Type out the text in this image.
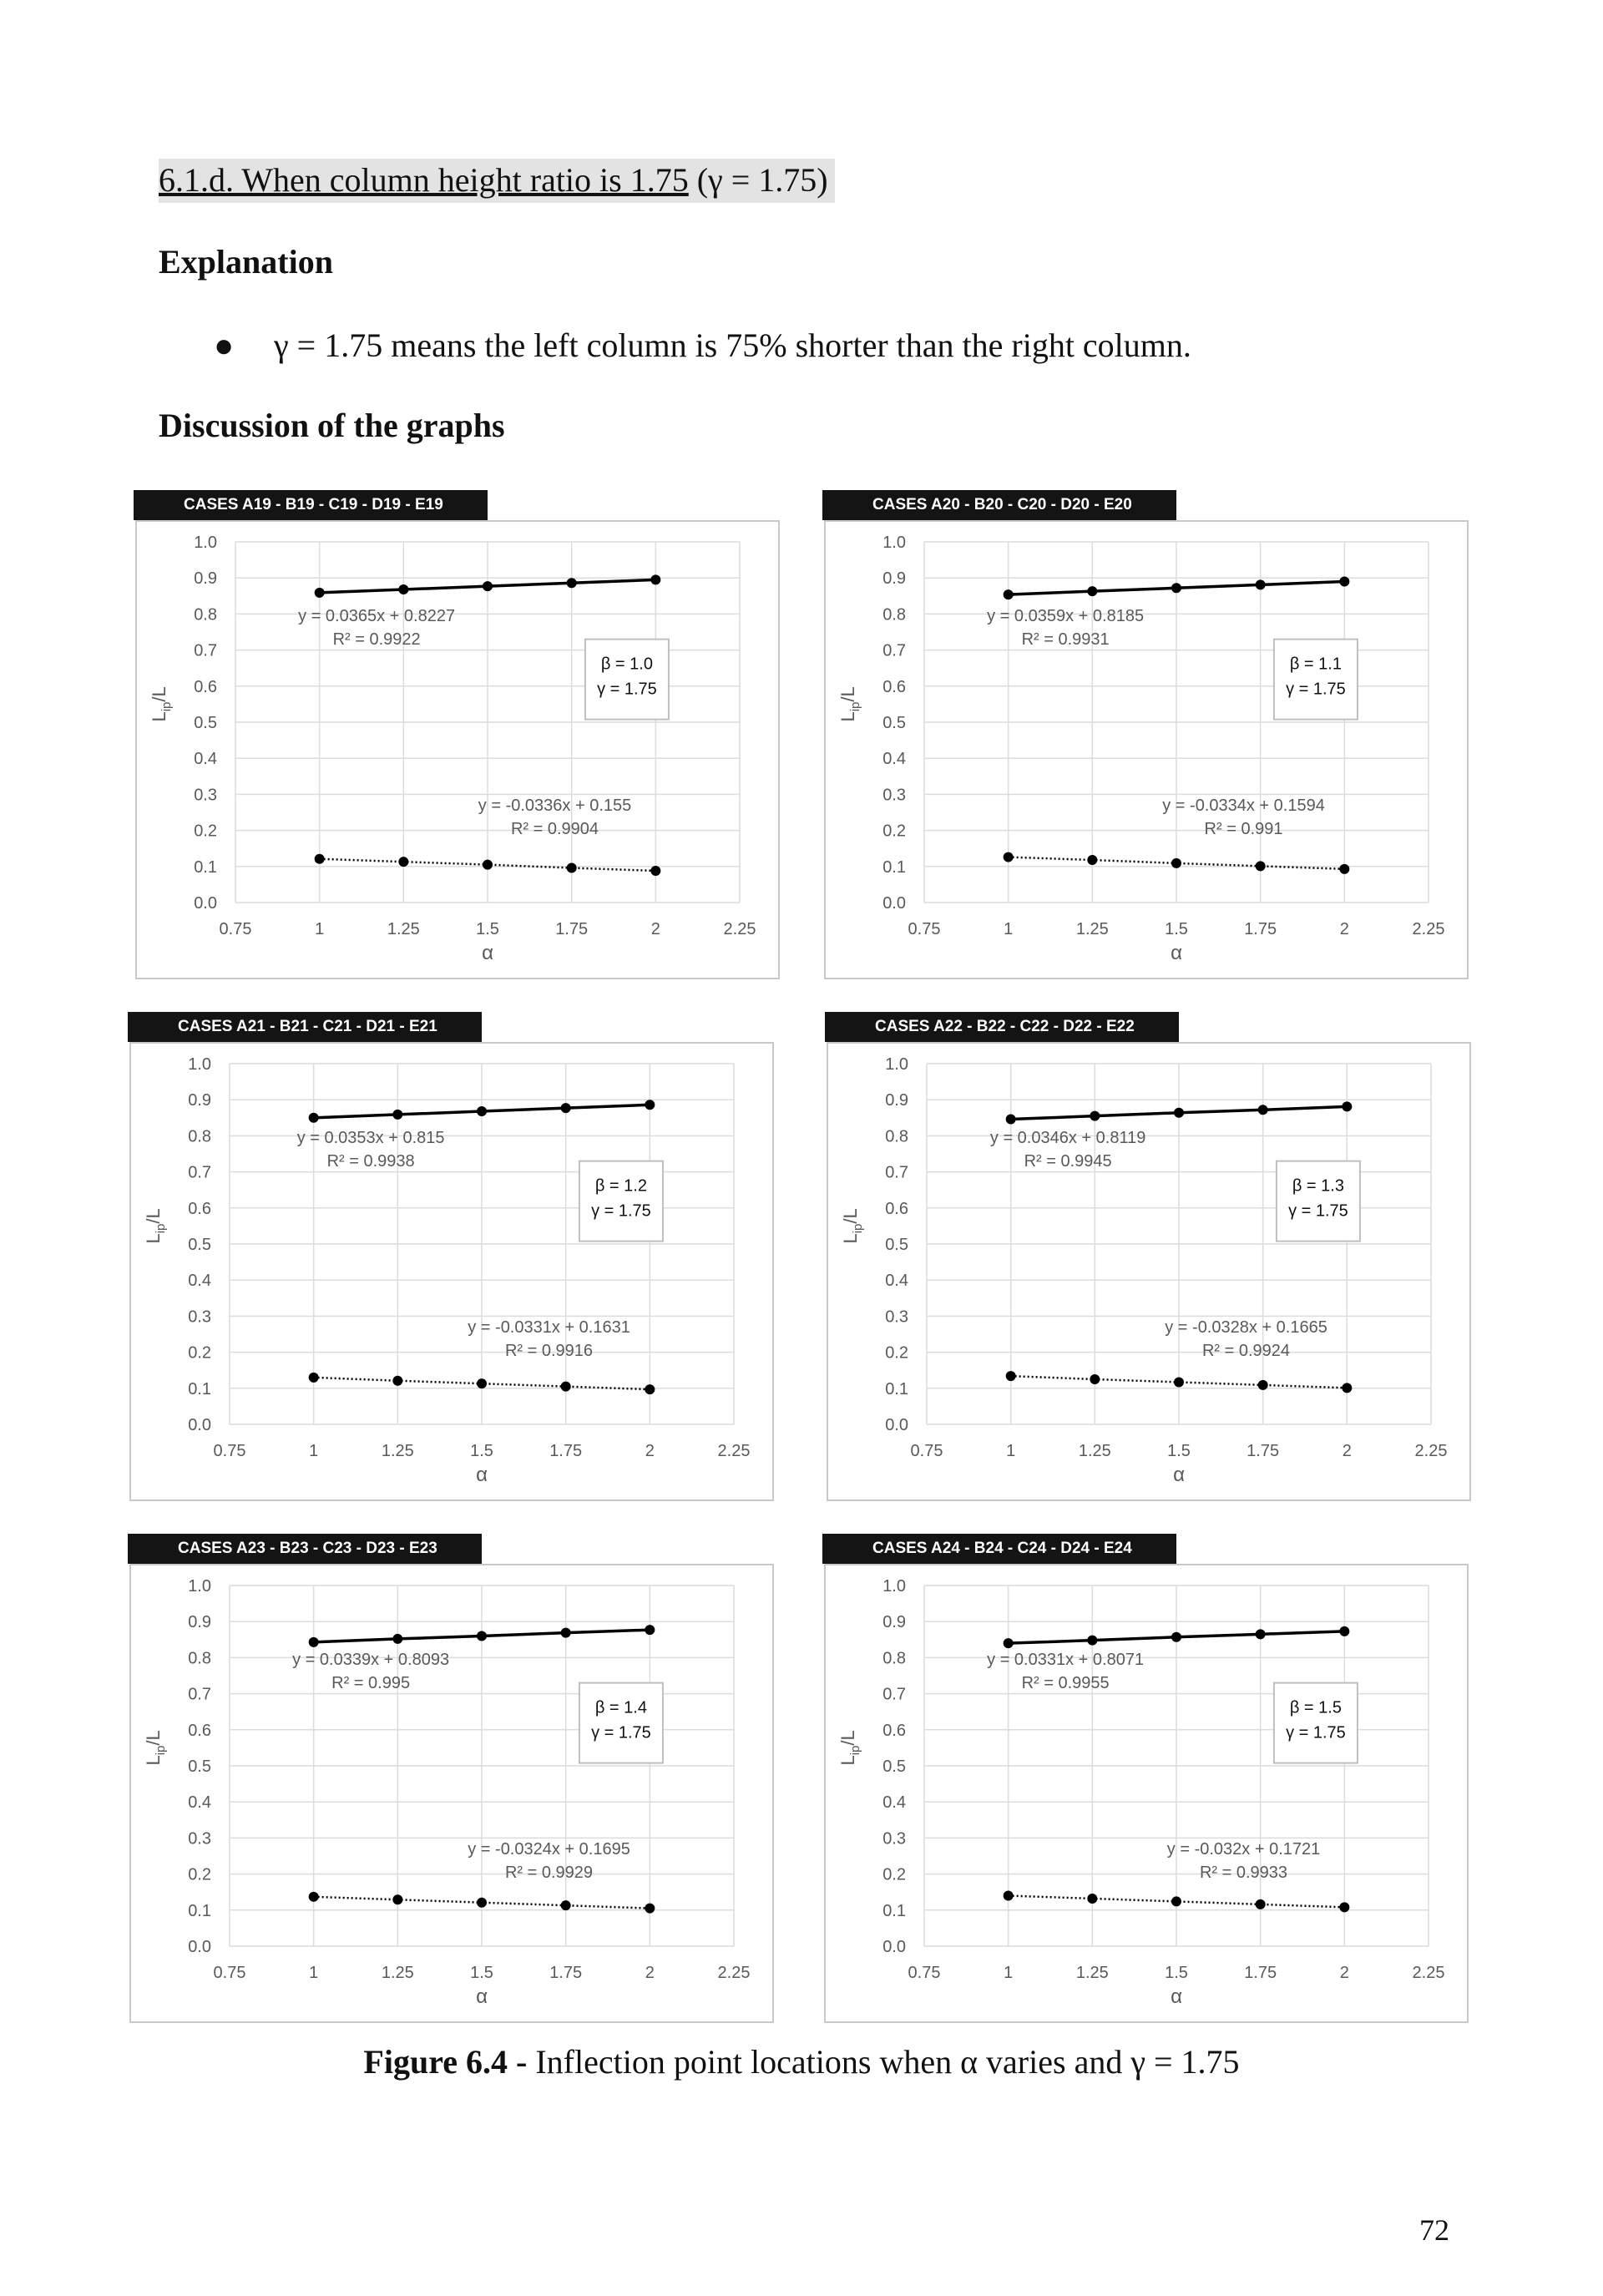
6.1.d. When column height ratio is 1.75 (γ = 1.75)
Explanation
● γ = 1.75 means the left column is 75% shorter than the right column.
Discussion of the graphs
CASES A19 - B19 - C19 - D19 - E19
0.0
0.1
0.2
0.3
0.4
0.5
0.6
0.7
0.8
0.9
1.0
0.75	1	1.25	1.5	1.75	2	2.25
α
$L_{ip}/L$
y = 0.0365x + 0.8227
R² = 0.9922
y = -0.0336x + 0.155
R² = 0.9904
β = 1.0
γ = 1.75
CASES A20 - B20 - C20 - D20 - E20
0.0
0.1
0.2
0.3
0.4
0.5
0.6
0.7
0.8
0.9
1.0
0.75	1	1.25	1.5	1.75	2	2.25
α
$L_{ip}/L$
y = 0.0359x + 0.8185
R² = 0.9931
y = -0.0334x + 0.1594
R² = 0.991
β = 1.1
γ = 1.75
CASES A21 - B21 - C21 - D21 - E21
0.0
0.1
0.2
0.3
0.4
0.5
0.6
0.7
0.8
0.9
1.0
0.75	1	1.25	1.5	1.75	2	2.25
α
$L_{ip}/L$
y = 0.0353x + 0.815
R² = 0.9938
y = -0.0331x + 0.1631
R² = 0.9916
β = 1.2
γ = 1.75
CASES A22 - B22 - C22 - D22 - E22
0.0
0.1
0.2
0.3
0.4
0.5
0.6
0.7
0.8
0.9
1.0
0.75	1	1.25	1.5	1.75	2	2.25
α
$L_{ip}/L$
y = 0.0346x + 0.8119
R² = 0.9945
y = -0.0328x + 0.1665
R² = 0.9924
β = 1.3
γ = 1.75
CASES A23 - B23 - C23 - D23 - E23
0.0
0.1
0.2
0.3
0.4
0.5
0.6
0.7
0.8
0.9
1.0
0.75	1	1.25	1.5	1.75	2	2.25
α
$L_{ip}/L$
y = 0.0339x + 0.8093
R² = 0.995
y = -0.0324x + 0.1695
R² = 0.9929
β = 1.4
γ = 1.75
CASES A24 - B24 - C24 - D24 - E24
0.0
0.1
0.2
0.3
0.4
0.5
0.6
0.7
0.8
0.9
1.0
0.75	1	1.25	1.5	1.75	2	2.25
α
$L_{ip}/L$
y = 0.0331x + 0.8071
R² = 0.9955
y = -0.032x + 0.1721
R² = 0.9933
β = 1.5
γ = 1.75
Figure 6.4 - Inflection point locations when α varies and γ = 1.75
72
